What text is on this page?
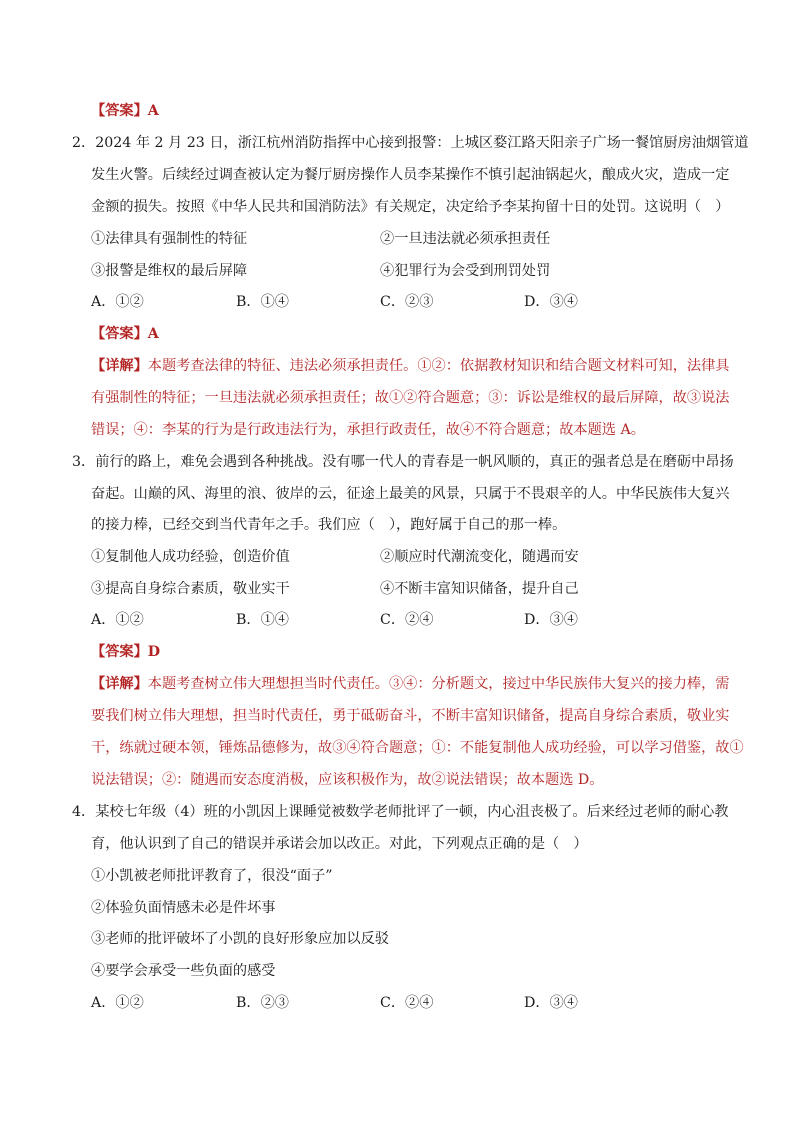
【答案】A
2．2024 年 2 月 23 日，浙江杭州消防指挥中心接到报警：上城区婺江路天阳亲子广场一餐馆厨房油烟管道
发生火警。后续经过调查被认定为餐厅厨房操作人员李某操作不慎引起油锅起火，酿成火灾，造成一定
金额的损失。按照《中华人民共和国消防法》有关规定，决定给予李某拘留十日的处罚。这说明（　）
①法律具有强制性的特征	②一旦违法就必须承担责任
③报警是维权的最后屏障	④犯罪行为会受到刑罚处罚
A．①②	B．①④	C．②③	D．③④
【答案】A
【详解】本题考查法律的特征、违法必须承担责任。①②：依据教材知识和结合题文材料可知，法律具
有强制性的特征；一旦违法就必须承担责任；故①②符合题意；③：诉讼是维权的最后屏障，故③说法
错误；④：李某的行为是行政违法行为，承担行政责任，故④不符合题意；故本题选 A。
3．前行的路上，难免会遇到各种挑战。没有哪一代人的青春是一帆风顺的，真正的强者总是在磨砺中昂扬
奋起。山巅的风、海里的浪、彼岸的云，征途上最美的风景，只属于不畏艰辛的人。中华民族伟大复兴
的接力棒，已经交到当代青年之手。我们应（　），跑好属于自己的那一棒。
①复制他人成功经验，创造价值	②顺应时代潮流变化，随遇而安
③提高自身综合素质，敬业实干	④不断丰富知识储备，提升自己
A．①②	B．①④	C．②④	D．③④
【答案】D
【详解】本题考查树立伟大理想担当时代责任。③④：分析题文，接过中华民族伟大复兴的接力棒，需
要我们树立伟大理想，担当时代责任，勇于砥砺奋斗，不断丰富知识储备，提高自身综合素质，敬业实
干，练就过硬本领，锤炼品德修为，故③④符合题意；①：不能复制他人成功经验，可以学习借鉴，故①
说法错误；②：随遇而安态度消极，应该积极作为，故②说法错误；故本题选 D。
4．某校七年级（4）班的小凯因上课睡觉被数学老师批评了一顿，内心沮丧极了。后来经过老师的耐心教
育，他认识到了自己的错误并承诺会加以改正。对此，下列观点正确的是（　）
①小凯被老师批评教育了，很没“面子”
②体验负面情感未必是件坏事
③老师的批评破坏了小凯的良好形象应加以反驳
④要学会承受一些负面的感受
A．①②	B．②③	C．②④	D．③④
